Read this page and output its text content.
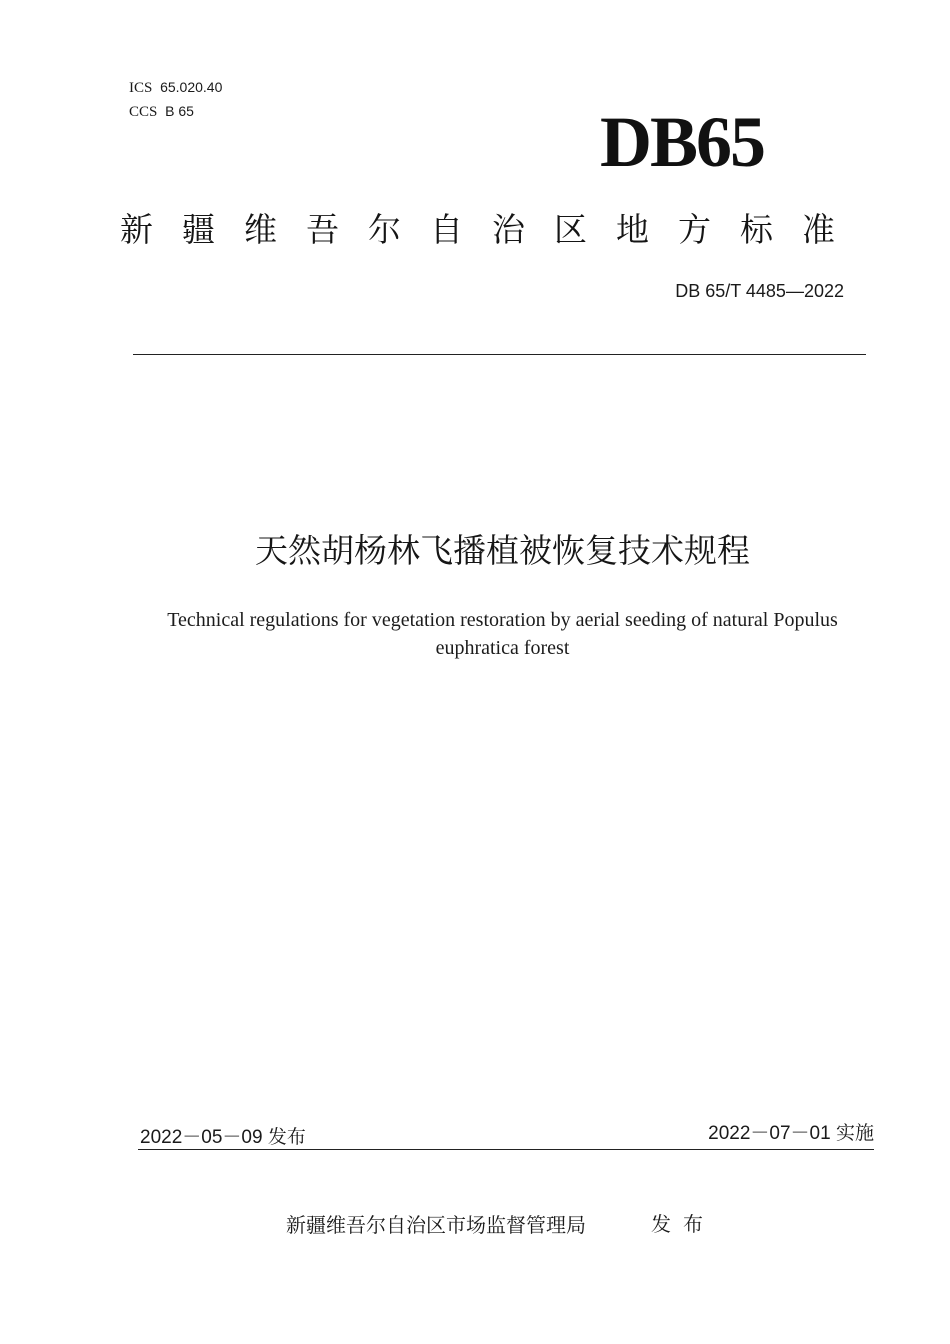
ICS 65.020.40
CCS B 65	DB65
新疆维吾尔自治区地方标准
DB 65/T 4485—2022
天然胡杨林飞播植被恢复技术规程
Technical regulations for vegetation restoration by aerial seeding of natural Populus euphratica forest
2022－05－09 发布	2022－07－01 实施
新疆维吾尔自治区市场监督管理局	发布
